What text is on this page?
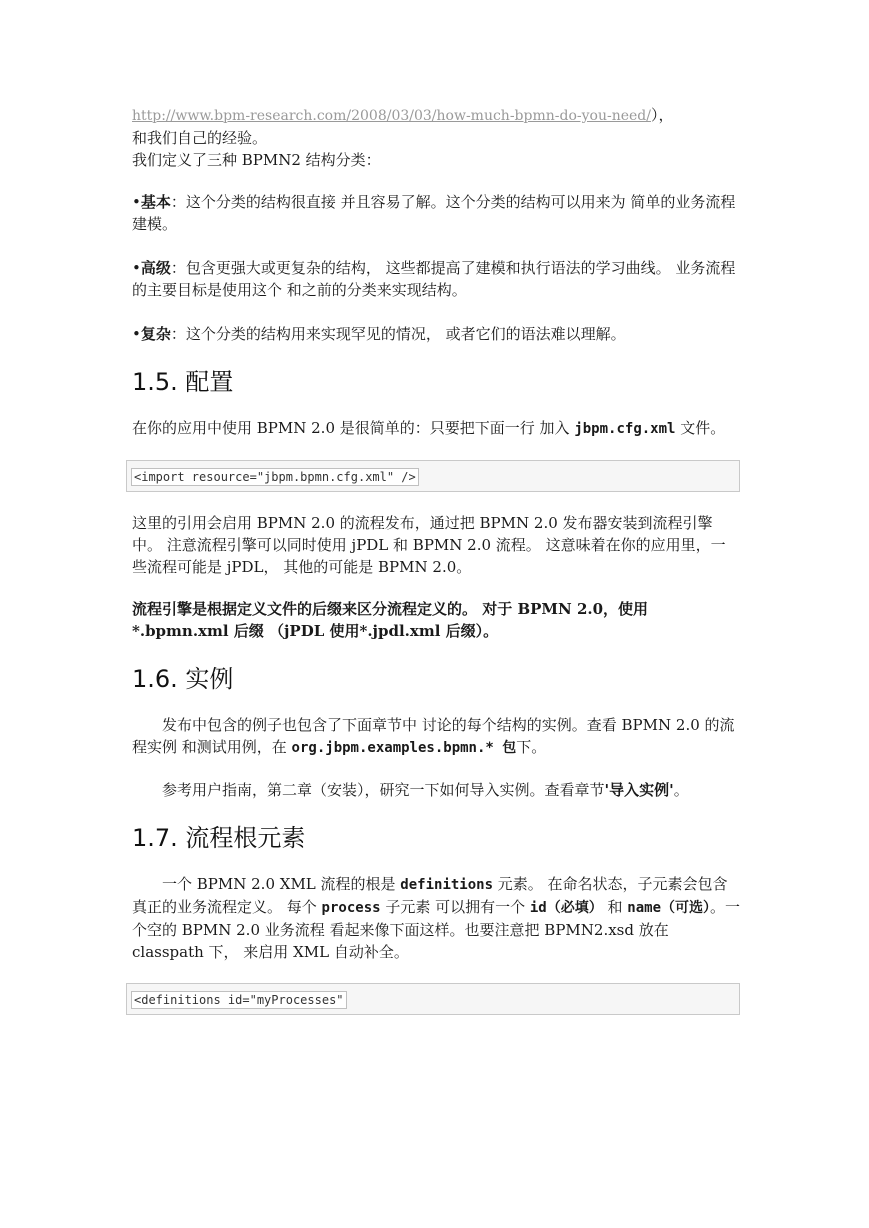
http://www.bpm-research.com/2008/03/03/how-much-bpmn-do-you-need/），
和我们自己的经验。
我们定义了三种 BPMN2 结构分类：

•基本：这个分类的结构很直接 并且容易了解。这个分类的结构可以用来为 简单的业务流程建模。

•高级：包含更强大或更复杂的结构， 这些都提高了建模和执行语法的学习曲线。 业务流程的主要目标是使用这个 和之前的分类来实现结构。

•复杂：这个分类的结构用来实现罕见的情况， 或者它们的语法难以理解。

1.5. 配置

在你的应用中使用 BPMN 2.0 是很简单的：只要把下面一行 加入 jbpm.cfg.xml 文件。

<import resource="jbpm.bpmn.cfg.xml" />

这里的引用会启用 BPMN 2.0 的流程发布，通过把 BPMN 2.0 发布器安装到流程引擎中。 注意流程引擎可以同时使用 jPDL 和 BPMN 2.0 流程。 这意味着在你的应用里，一些流程可能是 jPDL， 其他的可能是 BPMN 2.0。

流程引擎是根据定义文件的后缀来区分流程定义的。 对于 BPMN 2.0，使用 *.bpmn.xml 后缀 （jPDL 使用*.jpdl.xml 后缀）。

1.6. 实例

发布中包含的例子也包含了下面章节中 讨论的每个结构的实例。查看 BPMN 2.0 的流程实例 和测试用例，在 org.jbpm.examples.bpmn.* 包下。

参考用户指南，第二章（安装），研究一下如何导入实例。查看章节'导入实例'。

1.7. 流程根元素

一个 BPMN 2.0 XML 流程的根是 definitions 元素。 在命名状态，子元素会包含真正的业务流程定义。 每个 process 子元素 可以拥有一个 id（必填） 和 name（可选）。一个空的 BPMN 2.0 业务流程 看起来像下面这样。也要注意把 BPMN2.xsd 放在 classpath 下， 来启用 XML 自动补全。

<definitions id="myProcesses"
